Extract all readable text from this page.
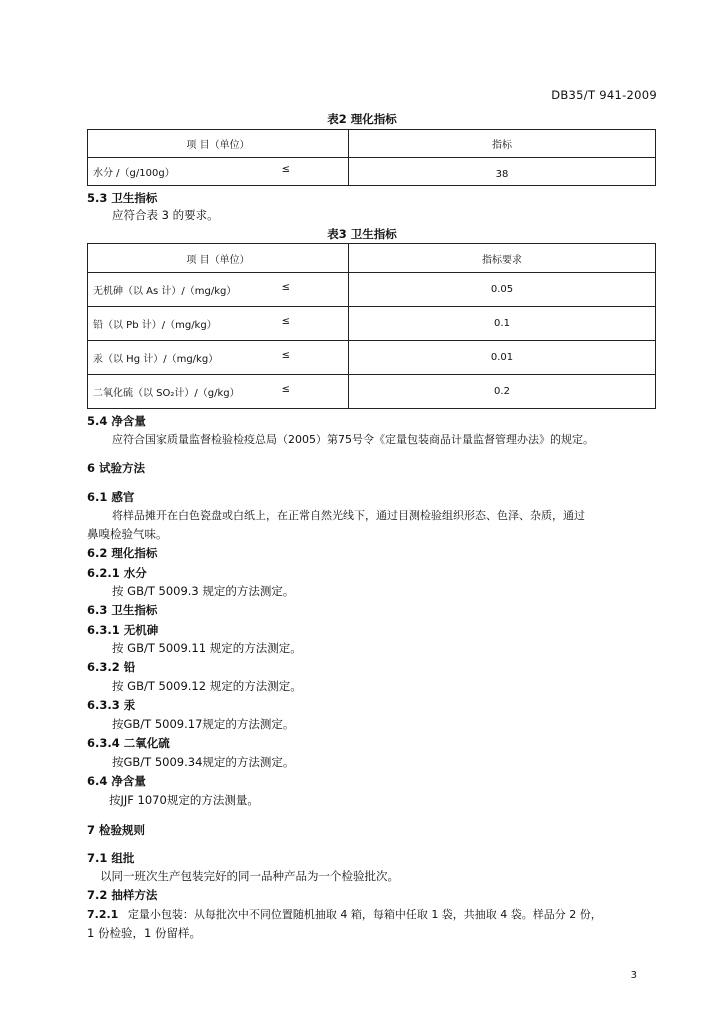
DB35/T 941-2009
表2 理化指标
项 目（单位）	指标
水分 /（g/100g） ≤	38
5.3 卫生指标
应符合表 3 的要求。
表3 卫生指标
项 目（单位）	指标要求
无机砷（以 As 计）/（mg/kg） ≤	0.05
铅（以 Pb 计）/（mg/kg） ≤	0.1
汞（以 Hg 计）/（mg/kg） ≤	0.01
二氧化硫（以 SO₂计）/（g/kg） ≤	0.2
5.4 净含量
应符合国家质量监督检验检疫总局（2005）第75号令《定量包装商品计量监督管理办法》的规定。
6 试验方法
6.1 感官
将样品摊开在白色瓷盘或白纸上，在正常自然光线下，通过目测检验组织形态、色泽、杂质，通过
鼻嗅检验气味。
6.2 理化指标
6.2.1 水分
按 GB/T 5009.3 规定的方法测定。
6.3 卫生指标
6.3.1 无机砷
按 GB/T 5009.11 规定的方法测定。
6.3.2 铅
按 GB/T 5009.12 规定的方法测定。
6.3.3 汞
按GB/T 5009.17规定的方法测定。
6.3.4 二氧化硫
按GB/T 5009.34规定的方法测定。
6.4 净含量
按JJF 1070规定的方法测量。
7 检验规则
7.1 组批
以同一班次生产包装完好的同一品种产品为一个检验批次。
7.2 抽样方法
7.2.1 定量小包装：从每批次中不同位置随机抽取 4 箱，每箱中任取 1 袋，共抽取 4 袋。样品分 2 份，
1 份检验，1 份留样。
3
